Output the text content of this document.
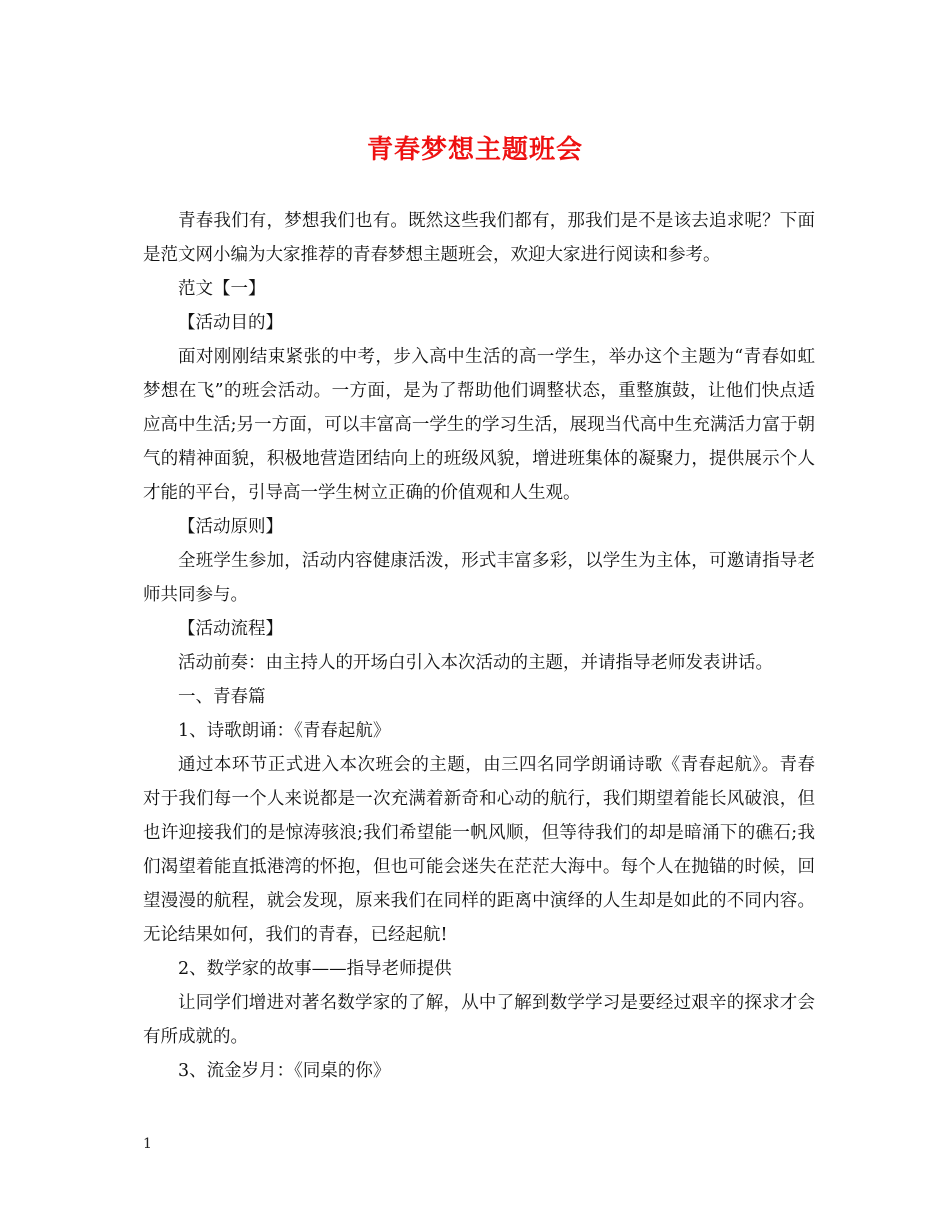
青春梦想主题班会

青春我们有，梦想我们也有。既然这些我们都有，那我们是不是该去追求呢？下面是范文网小编为大家推荐的青春梦想主题班会，欢迎大家进行阅读和参考。

范文【一】

【活动目的】

面对刚刚结束紧张的中考，步入高中生活的高一学生，举办这个主题为“青春如虹 梦想在飞”的班会活动。一方面，是为了帮助他们调整状态，重整旗鼓，让他们快点适应高中生活;另一方面，可以丰富高一学生的学习生活，展现当代高中生充满活力富于朝气的精神面貌，积极地营造团结向上的班级风貌，增进班集体的凝聚力，提供展示个人才能的平台，引导高一学生树立正确的价值观和人生观。

【活动原则】

全班学生参加，活动内容健康活泼，形式丰富多彩，以学生为主体，可邀请指导老师共同参与。

【活动流程】

活动前奏：由主持人的开场白引入本次活动的主题，并请指导老师发表讲话。

一、青春篇

1、诗歌朗诵：《青春起航》

通过本环节正式进入本次班会的主题，由三四名同学朗诵诗歌《青春起航》。青春对于我们每一个人来说都是一次充满着新奇和心动的航行，我们期望着能长风破浪，但也许迎接我们的是惊涛骇浪;我们希望能一帆风顺，但等待我们的却是暗涌下的礁石;我们渴望着能直抵港湾的怀抱，但也可能会迷失在茫茫大海中。每个人在抛锚的时候，回望漫漫的航程，就会发现，原来我们在同样的距离中演绎的人生却是如此的不同内容。无论结果如何，我们的青春，已经起航!

2、数学家的故事——指导老师提供

让同学们增进对著名数学家的了解，从中了解到数学学习是要经过艰辛的探求才会有所成就的。

3、流金岁月：《同桌的你》

1
